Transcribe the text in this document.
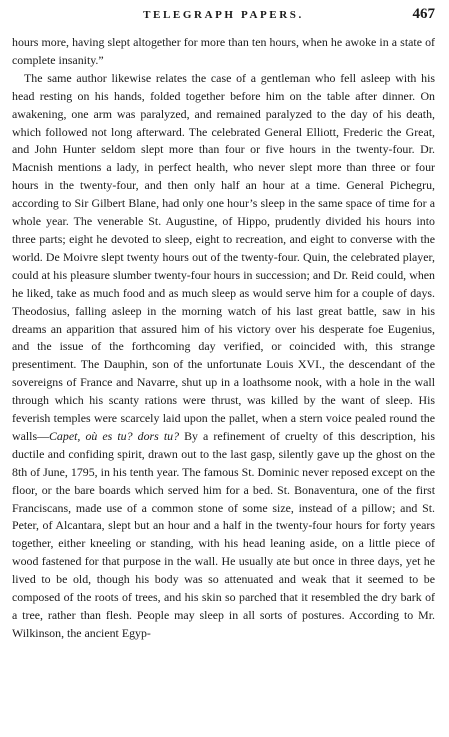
TELEGRAPH PAPERS.	467

hours more, having slept altogether for more than ten hours, when he awoke in a state of complete insanity.”

The same author likewise relates the case of a gentleman who fell asleep with his head resting on his hands, folded together before him on the table after dinner. On awakening, one arm was paralyzed, and remained paralyzed to the day of his death, which followed not long afterward. The celebrated General Elliott, Frederic the Great, and John Hunter seldom slept more than four or five hours in the twenty-four. Dr. Macnish mentions a lady, in perfect health, who never slept more than three or four hours in the twenty-four, and then only half an hour at a time. General Pichegru, according to Sir Gilbert Blane, had only one hour’s sleep in the same space of time for a whole year. The venerable St. Augustine, of Hippo, prudently divided his hours into three parts; eight he devoted to sleep, eight to recreation, and eight to converse with the world. De Moivre slept twenty hours out of the twenty-four. Quin, the celebrated player, could at his pleasure slumber twenty-four hours in succession; and Dr. Reid could, when he liked, take as much food and as much sleep as would serve him for a couple of days. Theodosius, falling asleep in the morning watch of his last great battle, saw in his dreams an apparition that assured him of his victory over his desperate foe Eugenius, and the issue of the forthcoming day verified, or coincided with, this strange presentiment. The Dauphin, son of the unfortunate Louis XVI., the descendant of the sovereigns of France and Navarre, shut up in a loathsome nook, with a hole in the wall through which his scanty rations were thrust, was killed by the want of sleep. His feverish temples were scarcely laid upon the pallet, when a stern voice pealed round the walls—Capet, où es tu? dors tu? By a refinement of cruelty of this description, his ductile and confiding spirit, drawn out to the last gasp, silently gave up the ghost on the 8th of June, 1795, in his tenth year. The famous St. Dominic never reposed except on the floor, or the bare boards which served him for a bed. St. Bonaventura, one of the first Franciscans, made use of a common stone of some size, instead of a pillow; and St. Peter, of Alcantara, slept but an hour and a half in the twenty-four hours for forty years together, either kneeling or standing, with his head leaning aside, on a little piece of wood fastened for that purpose in the wall. He usually ate but once in three days, yet he lived to be old, though his body was so attenuated and weak that it seemed to be composed of the roots of trees, and his skin so parched that it resembled the dry bark of a tree, rather than flesh. People may sleep in all sorts of postures. According to Mr. Wilkinson, the ancient Egyp-
